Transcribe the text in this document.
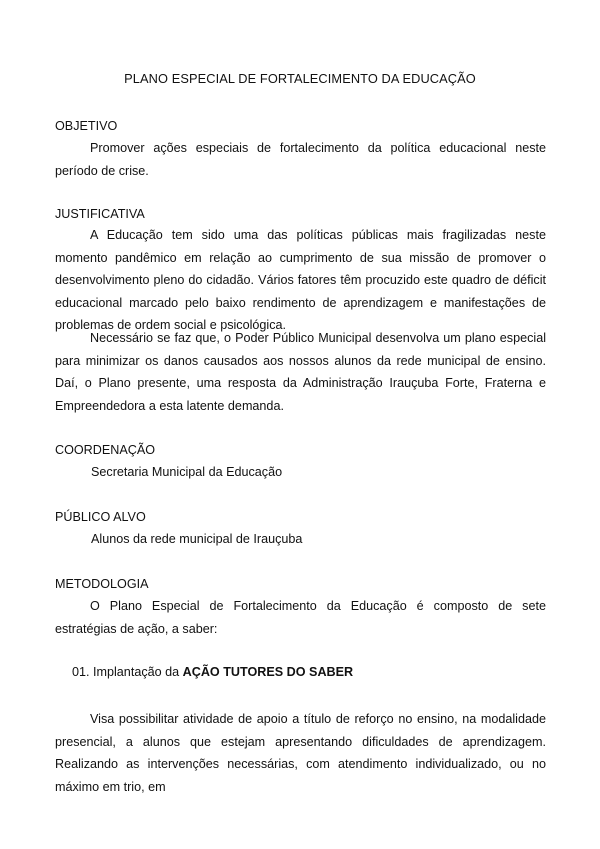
PLANO ESPECIAL DE FORTALECIMENTO DA EDUCAÇÃO
OBJETIVO
Promover ações especiais de fortalecimento da política educacional neste período de crise.
JUSTIFICATIVA
A Educação tem sido uma das políticas públicas mais fragilizadas neste momento pandêmico em relação ao cumprimento de sua missão de promover o desenvolvimento pleno do cidadão. Vários fatores têm procuzido este quadro de déficit educacional marcado pelo baixo rendimento de aprendizagem e manifestações de problemas de ordem social e psicológica.
Necessário se faz que, o Poder Público Municipal desenvolva um plano especial para minimizar os danos causados aos nossos alunos da rede municipal de ensino. Daí, o Plano presente, uma resposta da Administração Irauçuba Forte, Fraterna e Empreendedora a esta latente demanda.
COORDENAÇÃO
Secretaria Municipal da Educação
PÚBLICO ALVO
Alunos da rede municipal de Irauçuba
METODOLOGIA
O Plano Especial de Fortalecimento da Educação é composto de sete estratégias de ação, a saber:
01. Implantação da AÇÃO TUTORES DO SABER
Visa possibilitar atividade de apoio a título de reforço no ensino, na modalidade presencial, a alunos que estejam apresentando dificuldades de aprendizagem. Realizando as intervenções necessárias, com atendimento individualizado, ou no máximo em trio, em
